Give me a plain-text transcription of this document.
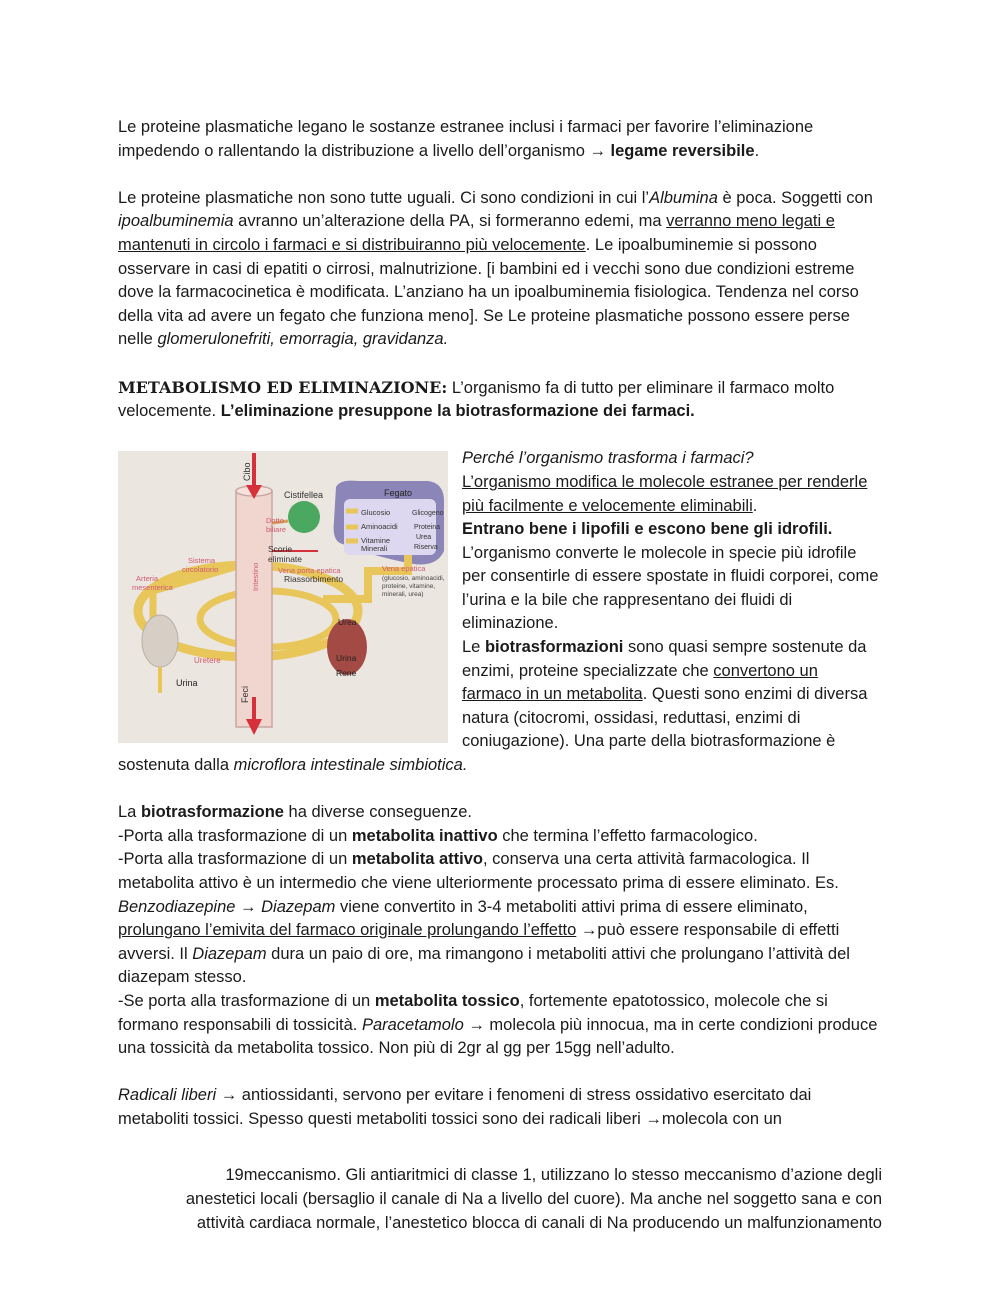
Le proteine plasmatiche legano le sostanze estranee inclusi i farmaci per favorire l’eliminazione impedendo o rallentando la distribuzione a livello dell’organismo → legame reversibile.

Le proteine plasmatiche non sono tutte uguali. Ci sono condizioni in cui l’Albumina è poca. Soggetti con ipoalbuminemia avranno un’alterazione della PA, si formeranno edemi, ma verranno meno legati e mantenuti in circolo i farmaci e si distribuiranno più velocemente. Le ipoalbuminemie si possono osservare in casi di epatiti o cirrosi, malnutrizione. [i bambini ed i vecchi sono due condizioni estreme dove la farmacocinetica è modificata. L’anziano ha un ipoalbuminemia fisiologica. Tendenza nel corso della vita ad avere un fegato che funziona meno]. Se Le proteine plasmatiche possono essere perse nelle glomerulonefriti, emorragia, gravidanza.

METABOLISMO ED ELIMINAZIONE: L’organismo fa di tutto per eliminare il farmaco molto velocemente. L’eliminazione presuppone la biotrasformazione dei farmaci.

Cibo
Cistifellea	Fegato
Glucosio
Aminoacidi
Vitamine
Minerali
Glicogeno
Proteina
Urea
Riserva
Dotto
biliare
Scorie
eliminate
Sistema
circolatorio
Arteria
mesenterica	Intestino Vena porta epatica
Riassorbimento
Vena epatica
(glucosio, aminoacidi,
proteine, vitamine,
minerali, urea)
Urea
Urina
Rene
Uretere
Urina
Feci

Perché l’organismo trasforma i farmaci?
L’organismo modifica le molecole estranee per renderle più facilmente e velocemente eliminabili.
Entrano bene i lipofili e escono bene gli idrofili.
L’organismo converte le molecole in specie più idrofile per consentirle di essere spostate in fluidi corporei, come l’urina e la bile che rappresentano dei fluidi di eliminazione.
Le biotrasformazioni sono quasi sempre sostenute da enzimi, proteine specializzate che convertono un farmaco in un metabolita. Questi sono enzimi di diversa natura (citocromi, ossidasi, reduttasi, enzimi di coniugazione). Una parte della biotrasformazione è sostenuta dalla microflora intestinale simbiotica.

La biotrasformazione ha diverse conseguenze.
-Porta alla trasformazione di un metabolita inattivo che termina l’effetto farmacologico.
-Porta alla trasformazione di un metabolita attivo, conserva una certa attività farmacologica. Il metabolita attivo è un intermedio che viene ulteriormente processato prima di essere eliminato. Es. Benzodiazepine → Diazepam viene convertito in 3-4 metaboliti attivi prima di essere eliminato, prolungano l’emivita del farmaco originale prolungando l’effetto →può essere responsabile di effetti avversi. Il Diazepam dura un paio di ore, ma rimangono i metaboliti attivi che prolungano l’attività del diazepam stesso.
-Se porta alla trasformazione di un metabolita tossico, fortemente epatotossico, molecole che si formano responsabili di tossicità. Paracetamolo → molecola più innocua, ma in certe condizioni produce una tossicità da metabolita tossico. Non più di 2gr al gg per 15gg nell’adulto.

Radicali liberi → antiossidanti, servono per evitare i fenomeni di stress ossidativo esercitato dai metaboliti tossici. Spesso questi metaboliti tossici sono dei radicali liberi →molecola con un

19meccanismo. Gli antiaritmici di classe 1, utilizzano lo stesso meccanismo d’azione degli
anestetici locali (bersaglio il canale di Na a livello del cuore). Ma anche nel soggetto sana e con
attività cardiaca normale, l’anestetico blocca di canali di Na producendo un malfunzionamento
